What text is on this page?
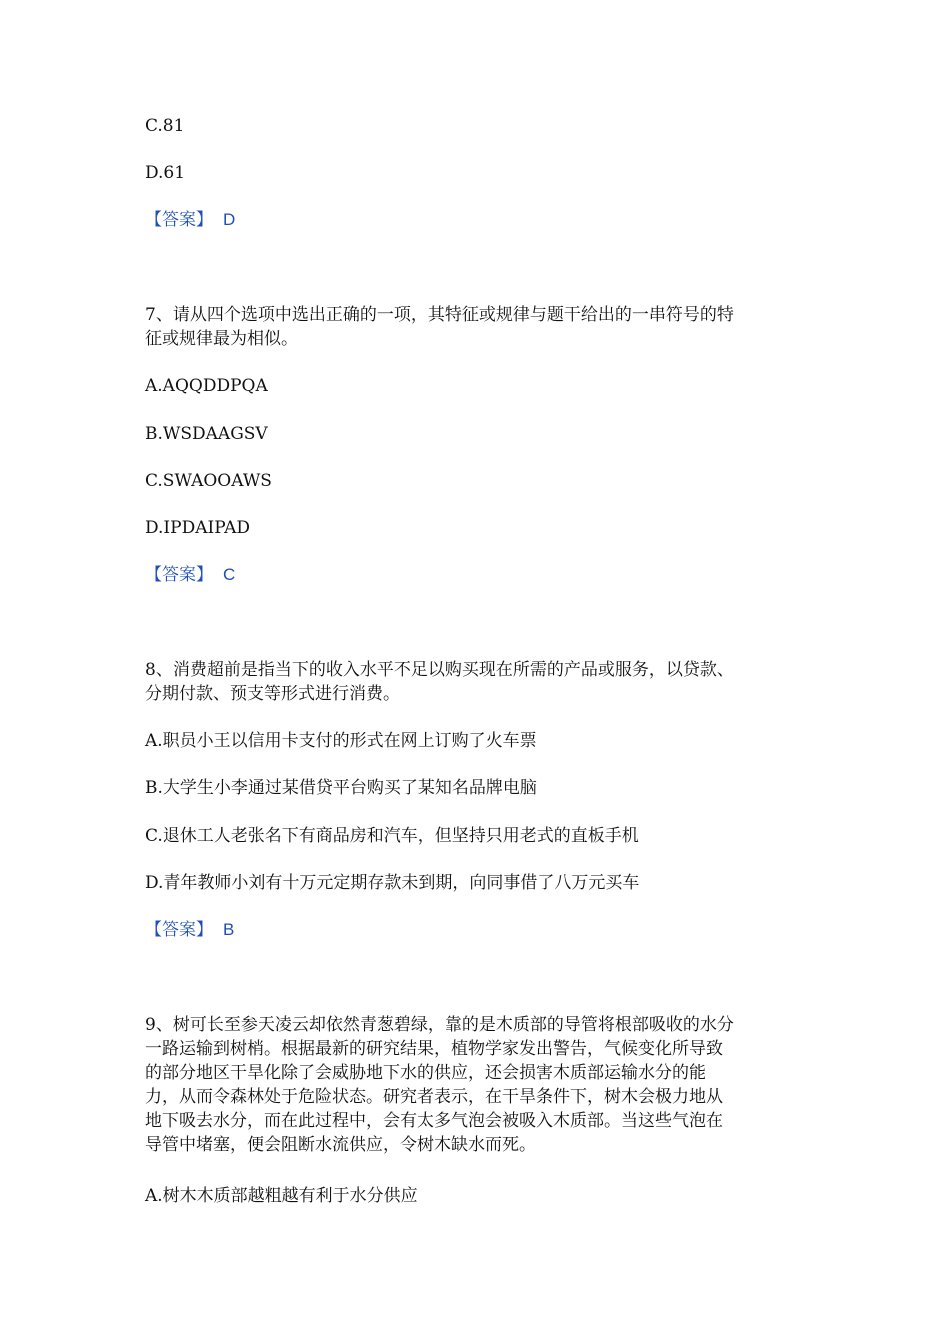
C.81
D.61
【答案】 D
7、请从四个选项中选出正确的一项，其特征或规律与题干给出的一串符号的特
征或规律最为相似。
A.AQQDDPQA
B.WSDAAGSV
C.SWAOOAWS
D.IPDAIPAD
【答案】 C
8、消费超前是指当下的收入水平不足以购买现在所需的产品或服务，以贷款、
分期付款、预支等形式进行消费。
A.职员小王以信用卡支付的形式在网上订购了火车票
B.大学生小李通过某借贷平台购买了某知名品牌电脑
C.退休工人老张名下有商品房和汽车，但坚持只用老式的直板手机
D.青年教师小刘有十万元定期存款未到期，向同事借了八万元买车
【答案】 B
9、树可长至参天凌云却依然青葱碧绿，靠的是木质部的导管将根部吸收的水分
一路运输到树梢。根据最新的研究结果，植物学家发出警告，气候变化所导致
的部分地区干旱化除了会威胁地下水的供应，还会损害木质部运输水分的能
力，从而令森林处于危险状态。研究者表示，在干旱条件下，树木会极力地从
地下吸去水分，而在此过程中，会有太多气泡会被吸入木质部。当这些气泡在
导管中堵塞，便会阻断水流供应，令树木缺水而死。
A.树木木质部越粗越有利于水分供应
